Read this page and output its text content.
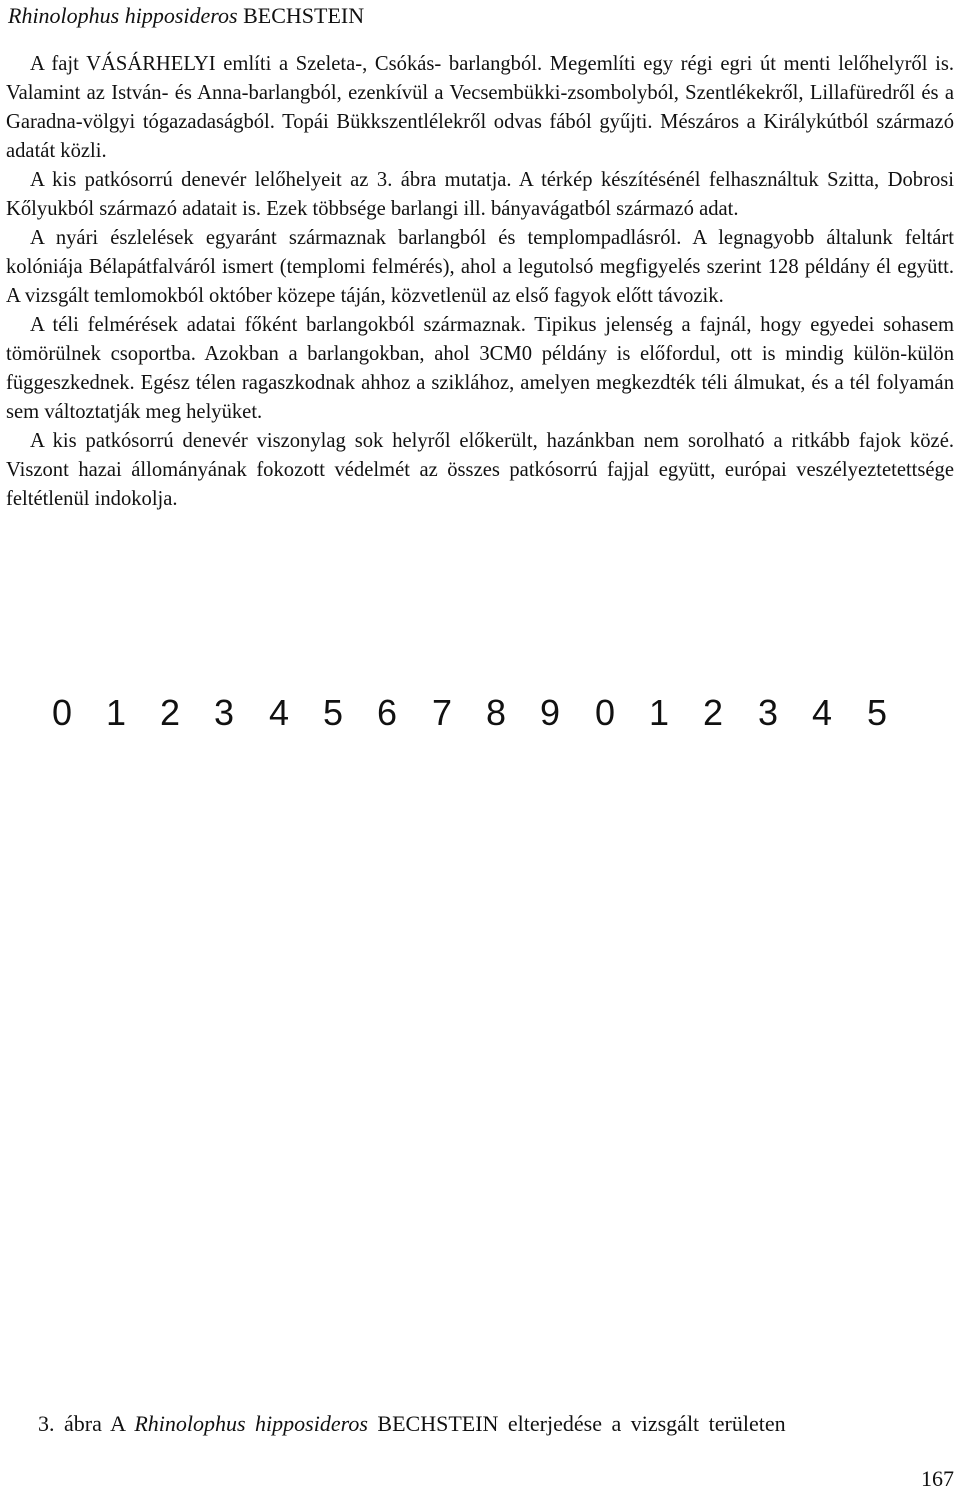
Rhinolophus hipposideros BECHSTEIN

A fajt VÁSÁRHELYI említi a Szeleta-, Csókás- barlangból. Megemlíti egy régi egri út menti lelőhelyről is. Valamint az István- és Anna-barlangból, ezenkívül a Vecsembükki-zsombolyból, Szentlékekről, Lillafüredről és a Garadna-völgyi tógazadaságból. Topái Bükkszentlélekről odvas fából gyűjti. Mészáros a Királykútból származó adatát közli.

A kis patkósorrú denevér lelőhelyeit az 3. ábra mutatja. A térkép készítésénél felhasználtuk Szitta, Dobrosi Kőlyukból származó adatait is. Ezek többsége barlangi ill. bányavágatból származó adat.

A nyári észlelések egyaránt származnak barlangból és templompadlásról. A legnagyobb általunk feltárt kolóniája Bélapátfalváról ismert (templomi felmérés), ahol a legutolsó megfigyelés szerint 128 példány él együtt. A vizsgált temlomokból október közepe táján, közvetlenül az első fagyok előtt távozik.

A téli felmérések adatai főként barlangokból származnak. Tipikus jelenség a fajnál, hogy egyedei sohasem tömörülnek csoportba. Azokban a barlangokban, ahol 3CM0 példány is előfordul, ott is mindig külön-külön függeszkednek. Egész télen ragaszkodnak ahhoz a sziklához, amelyen megkezdték téli álmukat, és a tél folyamán sem változtatják meg helyüket.

A kis patkósorrú denevér viszonylag sok helyről előkerült, hazánkban nem sorolható a ritkább fajok közé. Viszont hazai állományának fokozott védelmét az összes patkósorrú fajjal együtt, európai veszélyeztetettsége feltétlenül indokolja.

0 1 2 3 4 5 6 7 8 9 0 1 2 3 4 5
3. ábra A Rhinolophus hipposideros BECHSTEIN elterjedése a vizsgált területen
167
